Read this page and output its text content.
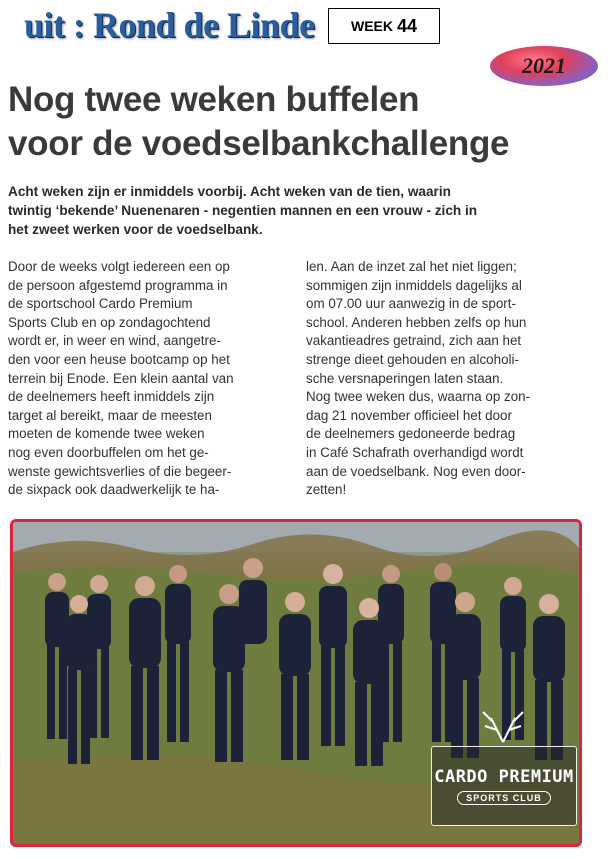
uit : Rond de Linde	WEEK 44
2021
Nog twee weken buffelen
voor de voedselbankchallenge
Acht weken zijn er inmiddels voorbij. Acht weken van de tien, waarin
twintig ‘bekende’ Nuenenaren - negentien mannen en een vrouw - zich in
het zweet werken voor de voedselbank.
Door de weeks volgt iedereen een op
de persoon afgestemd programma in
de sportschool Cardo Premium
Sports Club en op zondagochtend
wordt er, in weer en wind, aangetre-
den voor een heuse bootcamp op het
terrein bij Enode. Een klein aantal van
de deelnemers heeft inmiddels zijn
target al bereikt, maar de meesten
moeten de komende twee weken
nog even doorbuffelen om het ge-
wenste gewichtsverlies of die begeer-
de sixpack ook daadwerkelijk te ha-
len. Aan de inzet zal het niet liggen;
sommigen zijn inmiddels dagelijks al
om 07.00 uur aanwezig in de sport-
school. Anderen hebben zelfs op hun
vakantieadres getraind, zich aan het
strenge dieet gehouden en alcoholi-
sche versnaperingen laten staan.
Nog twee weken dus, waarna op zon-
dag 21 november officieel het door
de deelnemers gedoneerde bedrag
in Café Schafrath overhandigd wordt
aan de voedselbank. Nog even door-
zetten!
CARDO PREMIUM
SPORTS CLUB
